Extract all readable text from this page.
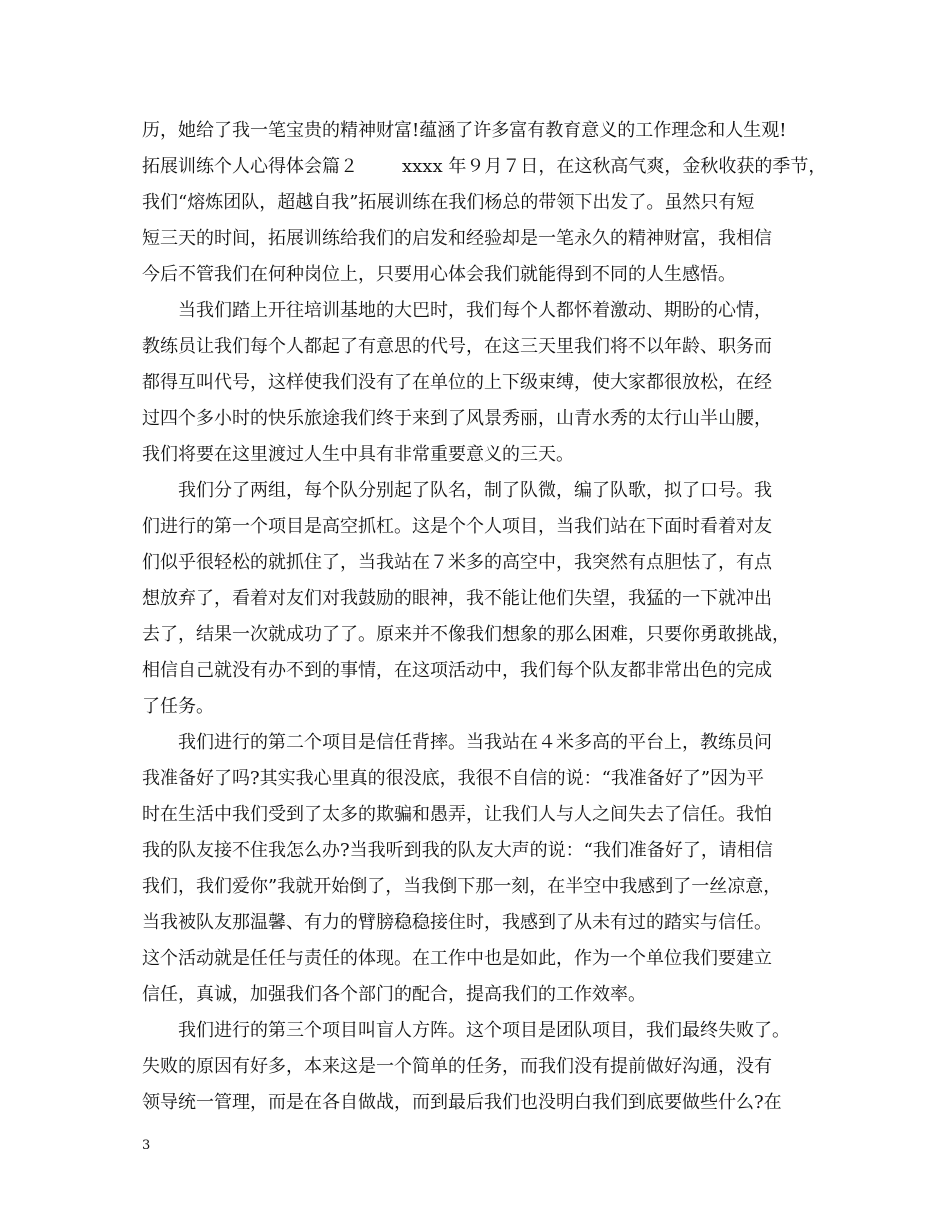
历，她给了我一笔宝贵的精神财富!蕴涵了许多富有教育意义的工作理念和人生观!
拓展训练个人心得体会篇２ xxxx 年９月７日，在这秋高气爽，金秋收获的季节，
我们“熔炼团队，超越自我”拓展训练在我们杨总的带领下出发了。虽然只有短
短三天的时间，拓展训练给我们的启发和经验却是一笔永久的精神财富，我相信
今后不管我们在何种岗位上，只要用心体会我们就能得到不同的人生感悟。
当我们踏上开往培训基地的大巴时，我们每个人都怀着激动、期盼的心情，
教练员让我们每个人都起了有意思的代号，在这三天里我们将不以年龄、职务而
都得互叫代号，这样使我们没有了在单位的上下级束缚，使大家都很放松，在经
过四个多小时的快乐旅途我们终于来到了风景秀丽，山青水秀的太行山半山腰，
我们将要在这里渡过人生中具有非常重要意义的三天。
我们分了两组，每个队分别起了队名，制了队微，编了队歌，拟了口号。我
们进行的第一个项目是高空抓杠。这是个个人项目，当我们站在下面时看着对友
们似乎很轻松的就抓住了，当我站在７米多的高空中，我突然有点胆怯了，有点
想放弃了，看着对友们对我鼓励的眼神，我不能让他们失望，我猛的一下就冲出
去了，结果一次就成功了了。原来并不像我们想象的那么困难，只要你勇敢挑战，
相信自己就没有办不到的事情，在这项活动中，我们每个队友都非常出色的完成
了任务。
我们进行的第二个项目是信任背摔。当我站在４米多高的平台上，教练员问
我准备好了吗?其实我心里真的很没底，我很不自信的说：“我准备好了”因为平
时在生活中我们受到了太多的欺骗和愚弄，让我们人与人之间失去了信任。我怕
我的队友接不住我怎么办?当我听到我的队友大声的说：“我们准备好了，请相信
我们，我们爱你”我就开始倒了，当我倒下那一刻，在半空中我感到了一丝凉意，
当我被队友那温馨、有力的臂膀稳稳接住时，我感到了从未有过的踏实与信任。
这个活动就是任任与责任的体现。在工作中也是如此，作为一个单位我们要建立
信任，真诚，加强我们各个部门的配合，提高我们的工作效率。
我们进行的第三个项目叫盲人方阵。这个项目是团队项目，我们最终失败了。
失败的原因有好多，本来这是一个简单的任务，而我们没有提前做好沟通，没有
领导统一管理，而是在各自做战，而到最后我们也没明白我们到底要做些什么?在
3
